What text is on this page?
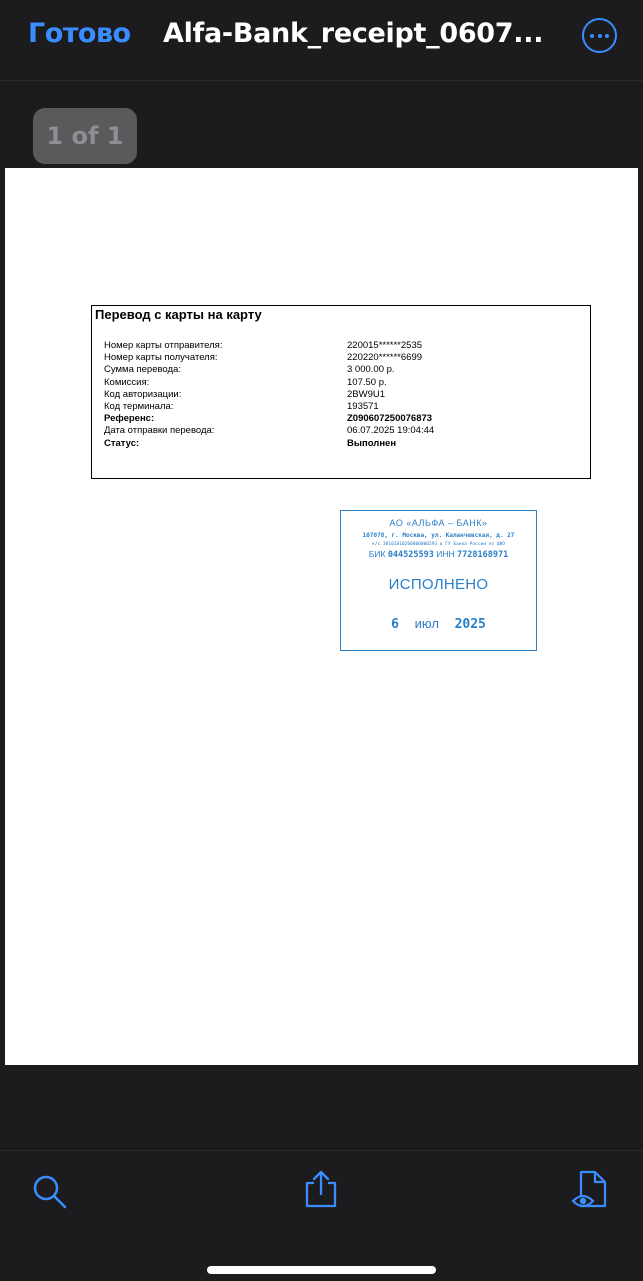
Готово Alfa-Bank_receipt_0607...
Перевод с карты на карту
Номер карты отправителя:
Номер карты получателя:
Сумма перевода:
Комиссия:
Код авторизации:
Код терминала:
Референс:
Дата отправки перевода:
Статус:
220015******2535
220220******6699
3 000.00 р.
107.50 р.
2BW9U1
193571
Z090607250076873
06.07.2025 19:04:44
Выполнен
АО «АЛЬФА – БАНК»
107078, г. Москва, ул. Каланчевская, д. 27
к/с 30101810200000000593 в ГУ Банка России по ЦФО
БИК 044525593 ИНН 7728168971
ИСПОЛНЕНО
6 июл 2025
1 of 1
